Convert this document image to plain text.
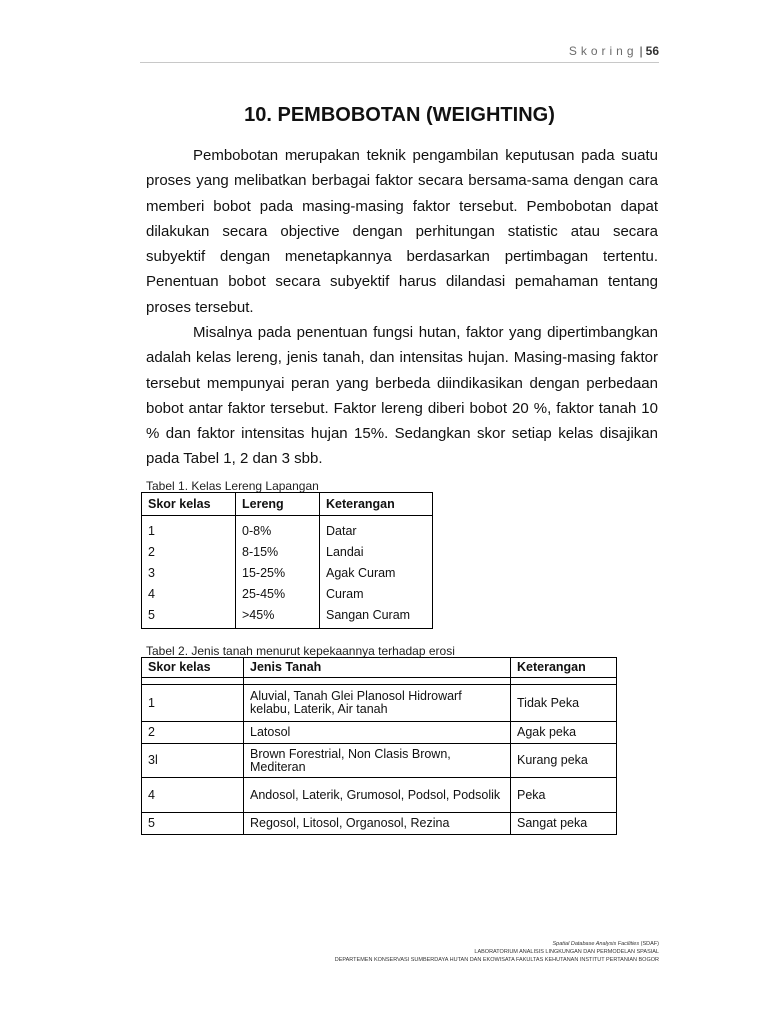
Skoring | 56
10. PEMBOBOTAN (WEIGHTING)

Pembobotan merupakan teknik pengambilan keputusan pada suatu proses yang melibatkan berbagai faktor secara bersama-sama dengan cara memberi bobot pada masing-masing faktor tersebut. Pembobotan dapat dilakukan secara objective dengan perhitungan statistic atau secara subyektif dengan menetapkannya berdasarkan pertimbagan tertentu. Penentuan bobot secara subyektif harus dilandasi pemahaman tentang proses tersebut.

Misalnya pada penentuan fungsi hutan, faktor yang dipertimbangkan adalah kelas lereng, jenis tanah, dan intensitas hujan. Masing-masing faktor tersebut mempunyai peran yang berbeda diindikasikan dengan perbedaan bobot antar faktor tersebut. Faktor lereng diberi bobot 20 %, faktor tanah 10 % dan faktor intensitas hujan 15%. Sedangkan skor setiap kelas disajikan pada Tabel 1, 2 dan 3 sbb.

Tabel 1. Kelas Lereng Lapangan
Skor kelas	Lereng	Keterangan
1	0-8%	Datar
2	8-15%	Landai
3	15-25%	Agak Curam
4	25-45%	Curam
5	>45%	Sangan Curam
Tabel 2. Jenis tanah menurut kepekaannya terhadap erosi
Skor kelas	Jenis Tanah	Keterangan

1	Aluvial, Tanah Glei Planosol Hidrowarf kelabu, Laterik, Air tanah	Tidak Peka
2	Latosol	Agak peka
3l	Brown Forestrial, Non Clasis Brown, Mediteran	Kurang peka
4	Andosol, Laterik, Grumosol, Podsol, Podsolik	Peka
5	Regosol, Litosol, Organosol, Rezina	Sangat peka
Spatial Database Analysis Facilities (SDAF)
LABORATORIUM ANALISIS LINGKUNGAN DAN PERMODELAN SPASIAL
DEPARTEMEN KONSERVASI SUMBERDAYA HUTAN DAN EKOWISATA FAKULTAS KEHUTANAN INSTITUT PERTANIAN BOGOR
